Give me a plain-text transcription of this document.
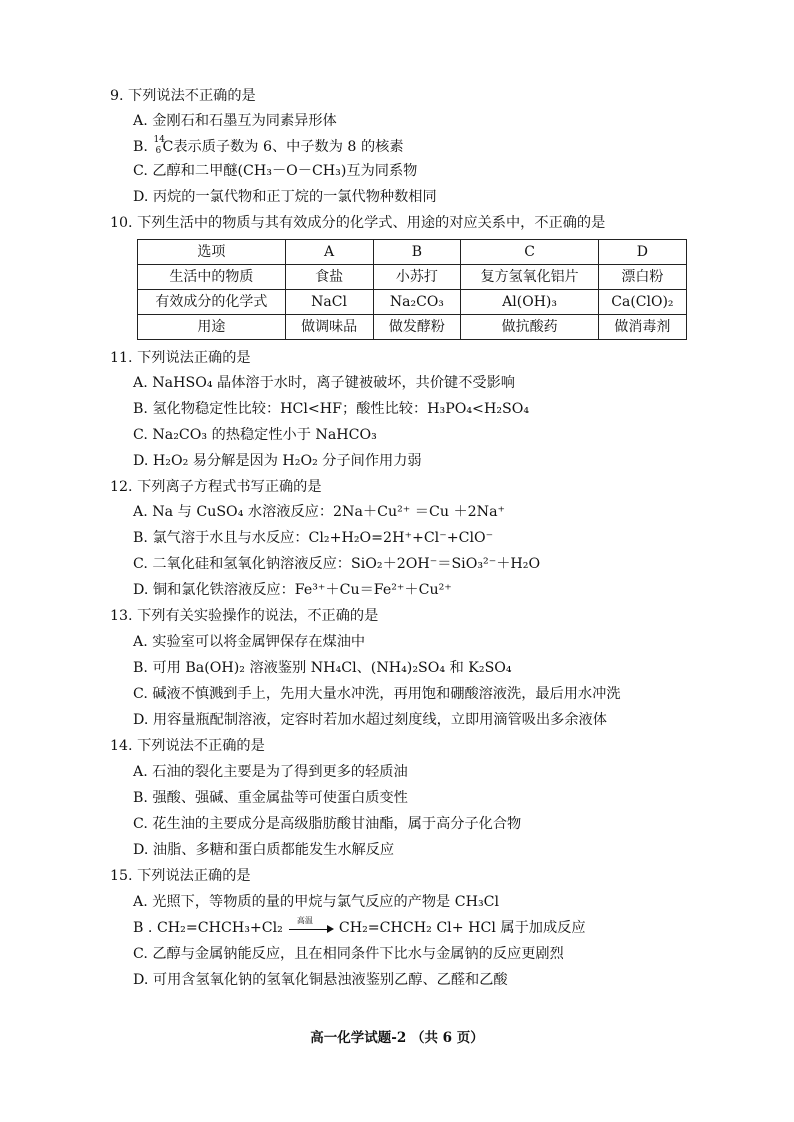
9. 下列说法不正确的是
A. 金刚石和石墨互为同素异形体
B. 14
6 C表示质子数为 6、中子数为 8 的核素
C. 乙醇和二甲醚(CH₃－O－CH₃)互为同系物
D. 丙烷的一氯代物和正丁烷的一氯代物种数相同
10. 下列生活中的物质与其有效成分的化学式、用途的对应关系中，不正确的是
选项	A	B	C	D
生活中的物质	食盐	小苏打	复方氢氧化铝片	漂白粉
有效成分的化学式	NaCl	Na₂CO₃	Al(OH)₃	Ca(ClO)₂
用途	做调味品	做发酵粉	做抗酸药	做消毒剂
11. 下列说法正确的是
A. NaHSO₄ 晶体溶于水时，离子键被破坏，共价键不受影响
B. 氢化物稳定性比较：HCl<HF；酸性比较：H₃PO₄<H₂SO₄
C. Na₂CO₃ 的热稳定性小于 NaHCO₃
D. H₂O₂ 易分解是因为 H₂O₂ 分子间作用力弱
12. 下列离子方程式书写正确的是
A. Na 与 CuSO₄ 水溶液反应：2Na＋Cu²⁺ ＝Cu ＋2Na⁺
B. 氯气溶于水且与水反应：Cl₂+H₂O=2H⁺+Cl⁻+ClO⁻
C. 二氧化硅和氢氧化钠溶液反应：SiO₂＋2OH⁻＝SiO₃²⁻＋H₂O
D. 铜和氯化铁溶液反应：Fe³⁺＋Cu＝Fe²⁺＋Cu²⁺
13. 下列有关实验操作的说法，不正确的是
A. 实验室可以将金属钾保存在煤油中
B. 可用 Ba(OH)₂ 溶液鉴别 NH₄Cl、(NH₄)₂SO₄ 和 K₂SO₄
C. 碱液不慎溅到手上，先用大量水冲洗，再用饱和硼酸溶液洗，最后用水冲洗
D. 用容量瓶配制溶液，定容时若加水超过刻度线，立即用滴管吸出多余液体
14. 下列说法不正确的是
A. 石油的裂化主要是为了得到更多的轻质油
B. 强酸、强碱、重金属盐等可使蛋白质变性
C. 花生油的主要成分是高级脂肪酸甘油酯，属于高分子化合物
D. 油脂、多糖和蛋白质都能发生水解反应
15. 下列说法正确的是
A. 光照下，等物质的量的甲烷与氯气反应的产物是 CH₃Cl
B . CH₂=CHCH₃+Cl₂ 高温 CH₂=CHCH₂ Cl+ HCl 属于加成反应
C. 乙醇与金属钠能反应，且在相同条件下比水与金属钠的反应更剧烈
D. 可用含氢氧化钠的氢氧化铜悬浊液鉴别乙醇、乙醛和乙酸
高一化学试题-2 （共 6 页）
